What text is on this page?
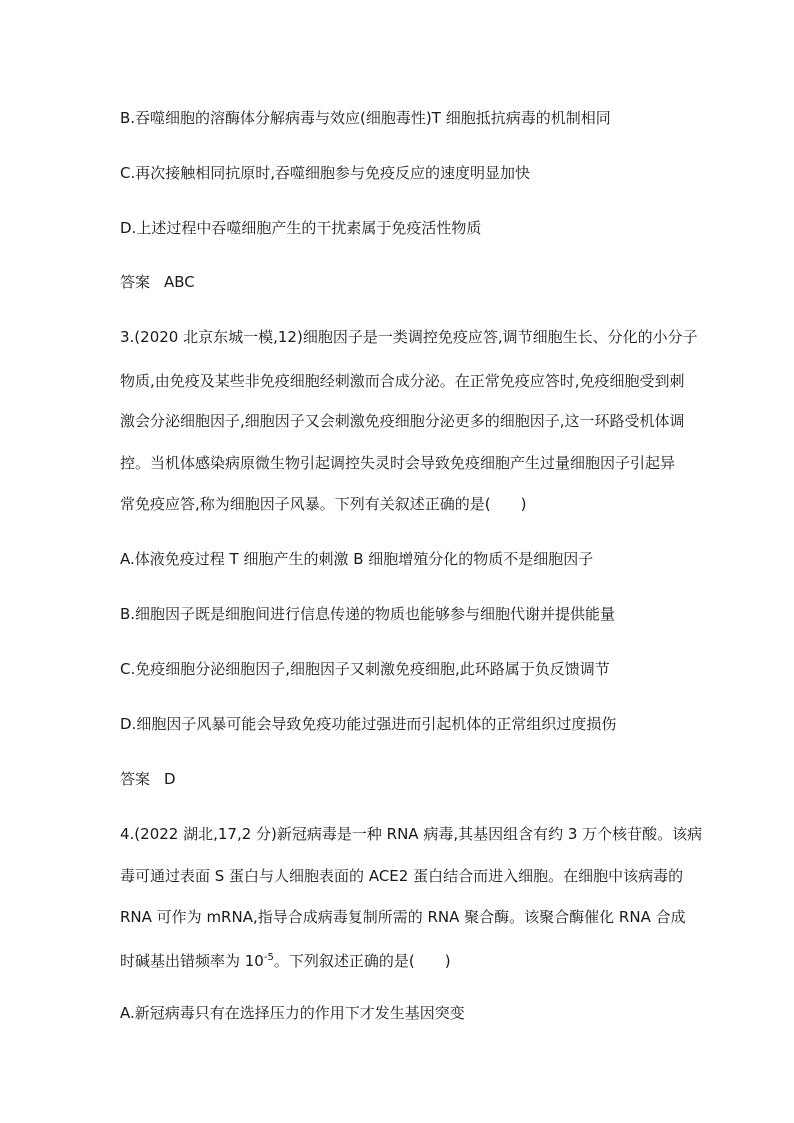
B.吞噬细胞的溶酶体分解病毒与效应(细胞毒性)T 细胞抵抗病毒的机制相同
C.再次接触相同抗原时,吞噬细胞参与免疫反应的速度明显加快
D.上述过程中吞噬细胞产生的干扰素属于免疫活性物质
答案 ABC
3.(2020 北京东城一模,12)细胞因子是一类调控免疫应答,调节细胞生长、分化的小分子
物质,由免疫及某些非免疫细胞经刺激而合成分泌。在正常免疫应答时,免疫细胞受到刺
激会分泌细胞因子,细胞因子又会刺激免疫细胞分泌更多的细胞因子,这一环路受机体调
控。当机体感染病原微生物引起调控失灵时会导致免疫细胞产生过量细胞因子引起异
常免疫应答,称为细胞因子风暴。下列有关叙述正确的是(　　)
A.体液免疫过程 T 细胞产生的刺激 B 细胞增殖分化的物质不是细胞因子
B.细胞因子既是细胞间进行信息传递的物质也能够参与细胞代谢并提供能量
C.免疫细胞分泌细胞因子,细胞因子又刺激免疫细胞,此环路属于负反馈调节
D.细胞因子风暴可能会导致免疫功能过强进而引起机体的正常组织过度损伤
答案 D
4.(2022 湖北,17,2 分)新冠病毒是一种 RNA 病毒,其基因组含有约 3 万个核苷酸。该病
毒可通过表面 S 蛋白与人细胞表面的 ACE2 蛋白结合而进入细胞。在细胞中该病毒的
RNA 可作为 mRNA,指导合成病毒复制所需的 RNA 聚合酶。该聚合酶催化 RNA 合成
时碱基出错频率为 $10^{-5}$。下列叙述正确的是(　　)
A.新冠病毒只有在选择压力的作用下才发生基因突变
